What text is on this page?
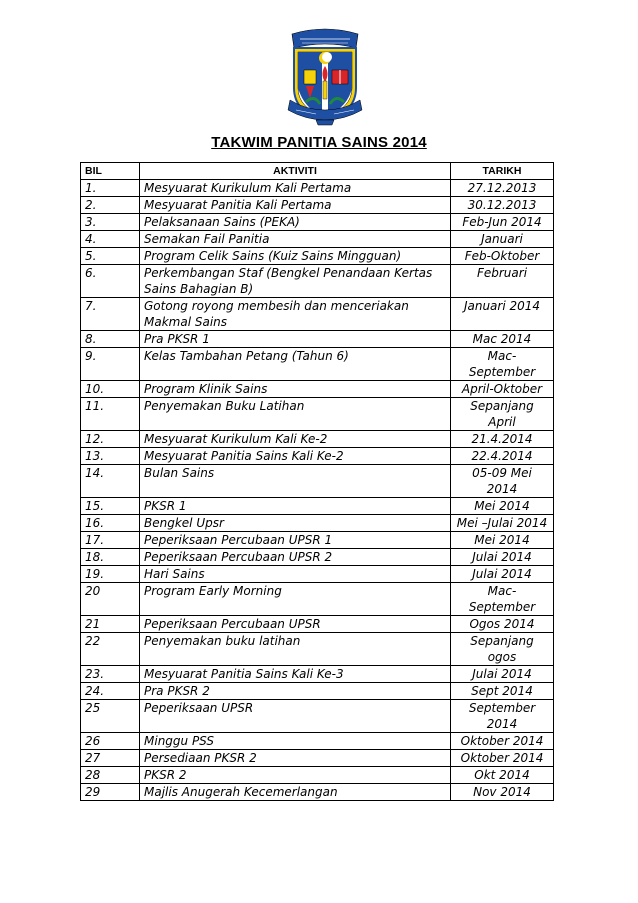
TAKWIM PANITIA SAINS 2014
BIL	AKTIVITI	TARIKH
1.	Mesyuarat Kurikulum Kali Pertama	27.12.2013
2.	Mesyuarat Panitia Kali Pertama	30.12.2013
3.	Pelaksanaan Sains (PEKA)	Feb-Jun 2014
4.	Semakan Fail Panitia	Januari
5.	Program Celik Sains (Kuiz Sains Mingguan)	Feb-Oktober
6.	Perkembangan Staf (Bengkel Penandaan Kertas Sains Bahagian B)	Februari
7.	Gotong royong membesih dan menceriakan Makmal Sains	Januari 2014
8.	Pra PKSR 1	Mac 2014
9.	Kelas Tambahan Petang (Tahun 6)	Mac-September
10.	Program Klinik Sains	April-Oktober
11.	Penyemakan Buku Latihan	Sepanjang April
12.	Mesyuarat Kurikulum Kali Ke-2	21.4.2014
13.	Mesyuarat Panitia Sains Kali Ke-2	22.4.2014
14.	Bulan Sains	05-09 Mei 2014
15.	PKSR 1	Mei 2014
16.	Bengkel Upsr	Mei –Julai 2014
17.	Peperiksaan Percubaan UPSR 1	Mei 2014
18.	Peperiksaan Percubaan UPSR 2	Julai 2014
19.	Hari Sains	Julai 2014
20	Program Early Morning	Mac-September
21	Peperiksaan Percubaan UPSR	Ogos 2014
22	Penyemakan buku latihan	Sepanjang ogos
23.	Mesyuarat Panitia Sains Kali Ke-3	Julai 2014
24.	Pra PKSR 2	Sept 2014
25	Peperiksaan UPSR	September 2014
26	Minggu PSS	Oktober 2014
27	Persediaan PKSR 2	Oktober 2014
28	PKSR 2	Okt 2014
29	Majlis Anugerah Kecemerlangan	Nov 2014
